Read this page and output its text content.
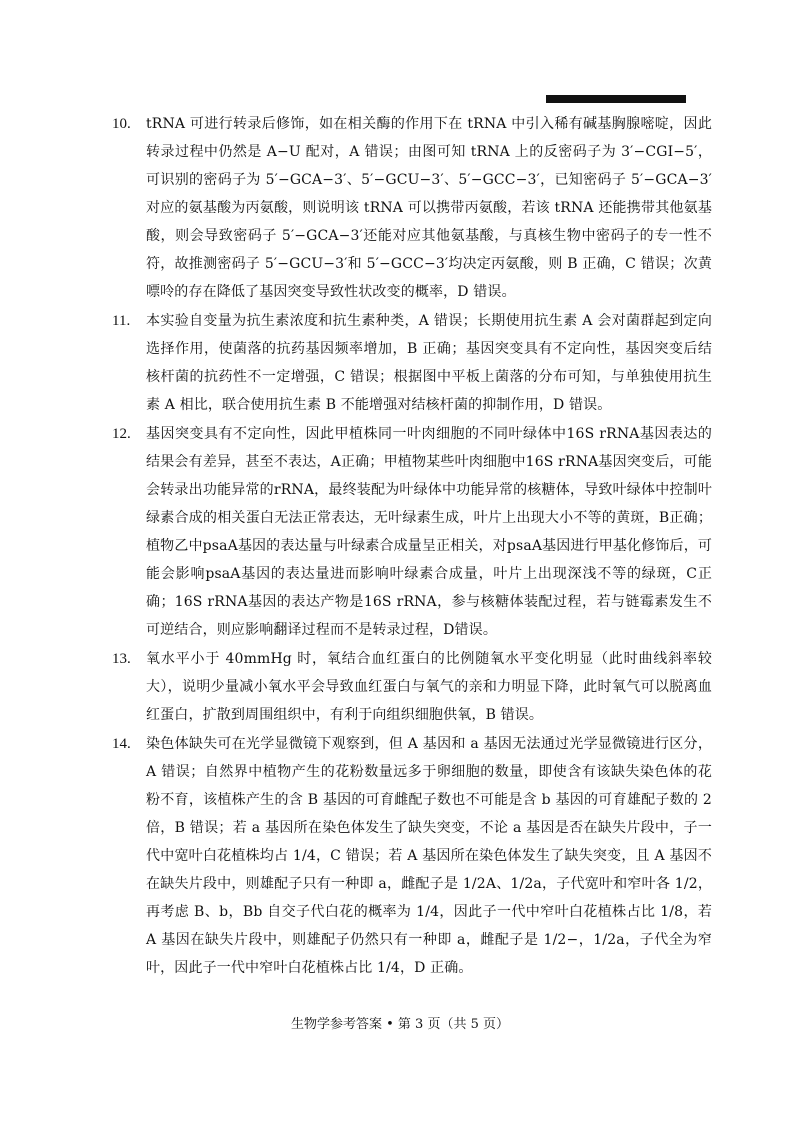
10.	tRNA 可进行转录后修饰，如在相关酶的作用下在 tRNA 中引入稀有碱基胸腺嘧啶，因此转录过程中仍然是 A−U 配对，A 错误；由图可知 tRNA 上的反密码子为 3′−CGI−5′，可识别的密码子为 5′−GCA−3′、5′−GCU−3′、5′−GCC−3′，已知密码子 5′−GCA−3′对应的氨基酸为丙氨酸，则说明该 tRNA 可以携带丙氨酸，若该 tRNA 还能携带其他氨基酸，则会导致密码子 5′−GCA−3′还能对应其他氨基酸，与真核生物中密码子的专一性不符，故推测密码子 5′−GCU−3′和 5′−GCC−3′均决定丙氨酸，则 B 正确，C 错误；次黄嘌呤的存在降低了基因突变导致性状改变的概率，D 错误。
11.	本实验自变量为抗生素浓度和抗生素种类，A 错误；长期使用抗生素 A 会对菌群起到定向选择作用，使菌落的抗药基因频率增加，B 正确；基因突变具有不定向性，基因突变后结核杆菌的抗药性不一定增强，C 错误；根据图中平板上菌落的分布可知，与单独使用抗生素 A 相比，联合使用抗生素 B 不能增强对结核杆菌的抑制作用，D 错误。
12.	基因突变具有不定向性，因此甲植株同一叶肉细胞的不同叶绿体中16S rRNA基因表达的结果会有差异，甚至不表达，A正确；甲植物某些叶肉细胞中16S rRNA基因突变后，可能会转录出功能异常的rRNA，最终装配为叶绿体中功能异常的核糖体，导致叶绿体中控制叶绿素合成的相关蛋白无法正常表达，无叶绿素生成，叶片上出现大小不等的黄斑，B正确；植物乙中psaA基因的表达量与叶绿素合成量呈正相关，对psaA基因进行甲基化修饰后，可能会影响psaA基因的表达量进而影响叶绿素合成量，叶片上出现深浅不等的绿斑，C正确；16S rRNA基因的表达产物是16S rRNA，参与核糖体装配过程，若与链霉素发生不可逆结合，则应影响翻译过程而不是转录过程，D错误。
13.	氧水平小于 40mmHg 时，氧结合血红蛋白的比例随氧水平变化明显（此时曲线斜率较大），说明少量减小氧水平会导致血红蛋白与氧气的亲和力明显下降，此时氧气可以脱离血红蛋白，扩散到周围组织中，有利于向组织细胞供氧，B 错误。
14.	染色体缺失可在光学显微镜下观察到，但 A 基因和 a 基因无法通过光学显微镜进行区分，A 错误；自然界中植物产生的花粉数量远多于卵细胞的数量，即使含有该缺失染色体的花粉不育，该植株产生的含 B 基因的可育雌配子数也不可能是含 b 基因的可育雄配子数的 2 倍，B 错误；若 a 基因所在染色体发生了缺失突变，不论 a 基因是否在缺失片段中，子一代中宽叶白花植株均占 1/4，C 错误；若 A 基因所在染色体发生了缺失突变，且 A 基因不在缺失片段中，则雄配子只有一种即 a，雌配子是 1/2A、1/2a，子代宽叶和窄叶各 1/2，再考虑 B、b，Bb 自交子代白花的概率为 1/4，因此子一代中窄叶白花植株占比 1/8，若 A 基因在缺失片段中，则雄配子仍然只有一种即 a，雌配子是 1/2−，1/2a，子代全为窄叶，因此子一代中窄叶白花植株占比 1/4，D 正确。
生物学参考答案 • 第 3 页（共 5 页）
